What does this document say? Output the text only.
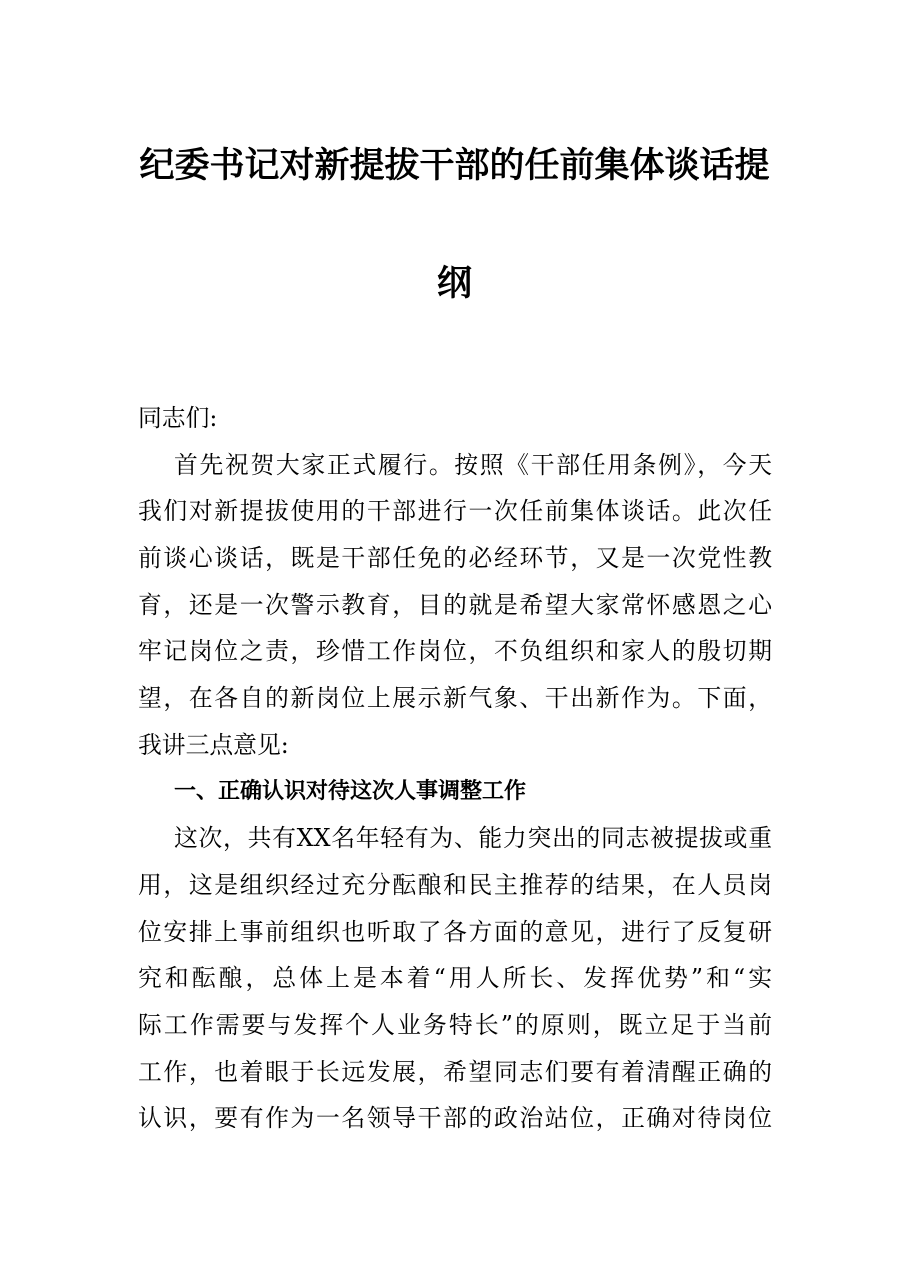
纪委书记对新提拔干部的任前集体谈话提
纲
同志们:
首先祝贺大家正式履行。按照《干部任用条例》，今天
我们对新提拔使用的干部进行一次任前集体谈话。此次任
前谈心谈话，既是干部任免的必经环节，又是一次党性教
育，还是一次警示教育，目的就是希望大家常怀感恩之心
牢记岗位之责，珍惜工作岗位，不负组织和家人的殷切期
望，在各自的新岗位上展示新气象、干出新作为。下面，
我讲三点意见:
一、正确认识对待这次人事调整工作
这次，共有XX名年轻有为、能力突出的同志被提拔或重
用，这是组织经过充分酝酿和民主推荐的结果，在人员岗
位安排上事前组织也听取了各方面的意见，进行了反复研
究和酝酿，总体上是本着“用人所长、发挥优势”和“实
际工作需要与发挥个人业务特长”的原则，既立足于当前
工作，也着眼于长远发展，希望同志们要有着清醒正确的
认识，要有作为一名领导干部的政治站位，正确对待岗位
